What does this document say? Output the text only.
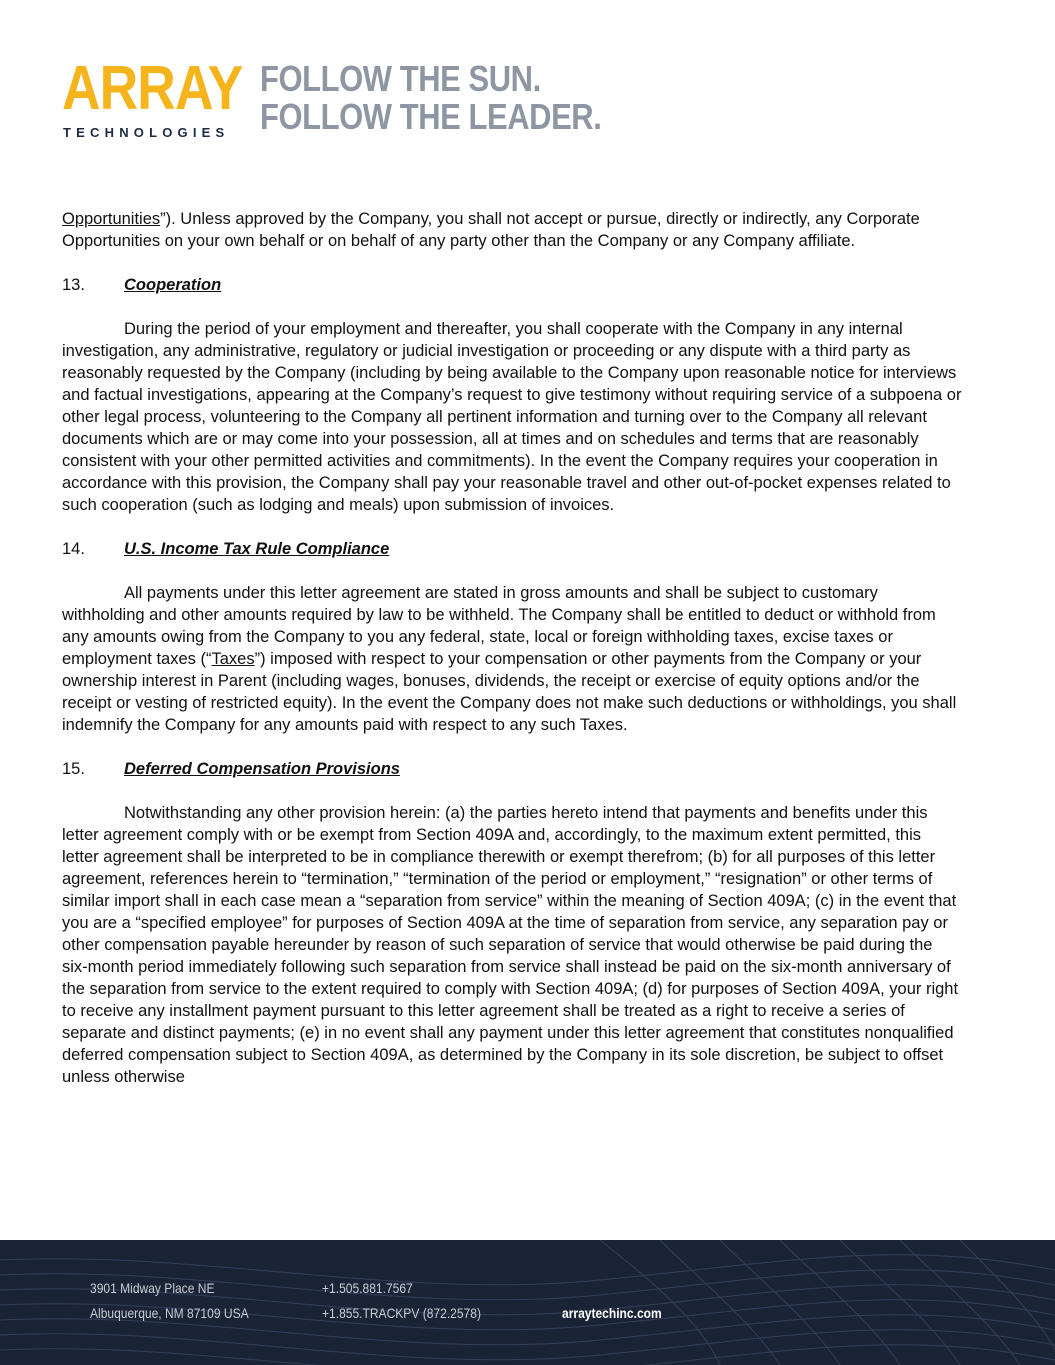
ARRAY
TECHNOLOGIES
FOLLOW THE SUN.
FOLLOW THE LEADER.

Opportunities”). Unless approved by the Company, you shall not accept or pursue, directly or indirectly, any Corporate Opportunities on your own behalf or on behalf of any party other than the Company or any Company affiliate.

13.	Cooperation

During the period of your employment and thereafter, you shall cooperate with the Company in any internal investigation, any administrative, regulatory or judicial investigation or proceeding or any dispute with a third party as reasonably requested by the Company (including by being available to the Company upon reasonable notice for interviews and factual investigations, appearing at the Company’s request to give testimony without requiring service of a subpoena or other legal process, volunteering to the Company all pertinent information and turning over to the Company all relevant documents which are or may come into your possession, all at times and on schedules and terms that are reasonably consistent with your other permitted activities and commitments). In the event the Company requires your cooperation in accordance with this provision, the Company shall pay your reasonable travel and other out-of-pocket expenses related to such cooperation (such as lodging and meals) upon submission of invoices.

14.	U.S. Income Tax Rule Compliance

All payments under this letter agreement are stated in gross amounts and shall be subject to customary withholding and other amounts required by law to be withheld. The Company shall be entitled to deduct or withhold from any amounts owing from the Company to you any federal, state, local or foreign withholding taxes, excise taxes or employment taxes (“Taxes”) imposed with respect to your compensation or other payments from the Company or your ownership interest in Parent (including wages, bonuses, dividends, the receipt or exercise of equity options and/or the receipt or vesting of restricted equity). In the event the Company does not make such deductions or withholdings, you shall indemnify the Company for any amounts paid with respect to any such Taxes.

15.	Deferred Compensation Provisions

Notwithstanding any other provision herein: (a) the parties hereto intend that payments and benefits under this letter agreement comply with or be exempt from Section 409A and, accordingly, to the maximum extent permitted, this letter agreement shall be interpreted to be in compliance therewith or exempt therefrom; (b) for all purposes of this letter agreement, references herein to “termination,” “termination of the period or employment,” “resignation” or other terms of similar import shall in each case mean a “separation from service” within the meaning of Section 409A; (c) in the event that you are a “specified employee” for purposes of Section 409A at the time of separation from service, any separation pay or other compensation payable hereunder by reason of such separation of service that would otherwise be paid during the six-month period immediately following such separation from service shall instead be paid on the six-month anniversary of the separation from service to the extent required to comply with Section 409A; (d) for purposes of Section 409A, your right to receive any installment payment pursuant to this letter agreement shall be treated as a right to receive a series of separate and distinct payments; (e) in no event shall any payment under this letter agreement that constitutes nonqualified deferred compensation subject to Section 409A, as determined by the Company in its sole discretion, be subject to offset unless otherwise

3901 Midway Place NE
Albuquerque, NM 87109 USA
+1.505.881.7567
+1.855.TRACKPV (872.2578)	arraytechinc.com
